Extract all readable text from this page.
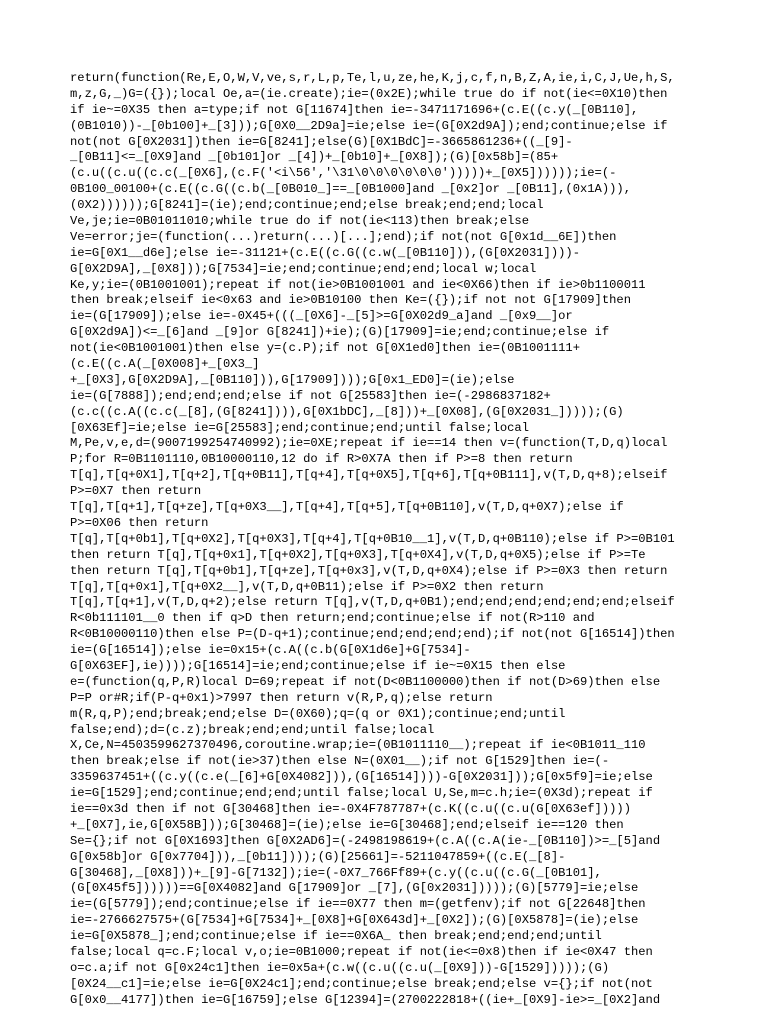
return(function(Re,E,O,W,V,ve,s,r,L,p,Te,l,u,ze,he,K,j,c,f,n,B,Z,A,ie,i,C,J,Ue,h,S,
m,z,G,_)G=({});local Oe,a=(ie.create);ie=(0x2E);while true do if not(ie<=0X10)then
if ie~=0X35 then a=type;if not G[11674]then ie=-3471171696+(c.E((c.y(_[0B110],
(0B1010))-_[0b100]+_[3]));G[0X0__2D9a]=ie;else ie=(G[0X2d9A]);end;continue;else if
not(not G[0X2031])then ie=G[8241];else(G)[0X1BdC]=-3665861236+((_[9]-
_[0B11]<=_[0X9]and _[0b101]or _[4])+_[0b10]+_[0X8]);(G)[0x58b]=(85+
(c.u((c.u((c.c(_[0X6],(c.F('<i\56','\31\0\0\0\0\0\0')))))+_[0X5])))));ie=(-
0B100_00100+(c.E((c.G((c.b(_[0B010_]==_[0B1000]and _[0x2]or _[0B11],(0x1A))),
(0X2))))));G[8241]=(ie);end;continue;end;else break;end;end;local
Ve,je;ie=0B01011010;while true do if not(ie<113)then break;else
Ve=error;je=(function(...)return(...)[...];end);if not(not G[0x1d__6E])then
ie=G[0X1__d6e];else ie=-31121+(c.E((c.G((c.w(_[0B110])),(G[0X2031])))-
G[0X2D9A],_[0X8]));G[7534]=ie;end;continue;end;end;local w;local
Ke,y;ie=(0B1001001);repeat if not(ie>0B1001001 and ie<0X66)then if ie>0b1100011
then break;elseif ie<0x63 and ie>0B10100 then Ke=({});if not not G[17909]then
ie=(G[17909]);else ie=-0X45+(((_[0X6]-_[5]>=G[0X02d9_a]and _[0x9__]or
G[0X2d9A])<=_[6]and _[9]or G[8241])+ie);(G)[17909]=ie;end;continue;else if
not(ie<0B1001001)then else y=(c.P);if not G[0X1ed0]then ie=(0B1001111+
(c.E((c.A(_[0X008]+_[0X3_]
+_[0X3],G[0X2D9A],_[0B110])),G[17909])));G[0x1_ED0]=(ie);else
ie=(G[7888]);end;end;end;else if not G[25583]then ie=(-2986837182+
(c.c((c.A((c.c(_[8],(G[8241]))),G[0X1bDC],_[8]))+_[0X08],(G[0X2031_]))));(G)
[0X63Ef]=ie;else ie=G[25583];end;continue;end;until false;local
M,Pe,v,e,d=(9007199254740992);ie=0XE;repeat if ie==14 then v=(function(T,D,q)local
P;for R=0B1101110,0B10000110,12 do if R>0X7A then if P>=8 then return
T[q],T[q+0X1],T[q+2],T[q+0B11],T[q+4],T[q+0X5],T[q+6],T[q+0B111],v(T,D,q+8);elseif
P>=0X7 then return
T[q],T[q+1],T[q+ze],T[q+0X3__],T[q+4],T[q+5],T[q+0B110],v(T,D,q+0X7);else if
P>=0X06 then return
T[q],T[q+0b1],T[q+0X2],T[q+0X3],T[q+4],T[q+0B10__1],v(T,D,q+0B110);else if P>=0B101
then return T[q],T[q+0x1],T[q+0X2],T[q+0X3],T[q+0X4],v(T,D,q+0X5);else if P>=Te
then return T[q],T[q+0b1],T[q+ze],T[q+0x3],v(T,D,q+0X4);else if P>=0X3 then return
T[q],T[q+0x1],T[q+0X2__],v(T,D,q+0B11);else if P>=0X2 then return
T[q],T[q+1],v(T,D,q+2);else return T[q],v(T,D,q+0B1);end;end;end;end;end;end;elseif
R<0b111101__0 then if q>D then return;end;continue;else if not(R>110 and
R<0B10000110)then else P=(D-q+1);continue;end;end;end;end);if not(not G[16514])then
ie=(G[16514]);else ie=0x15+(c.A((c.b(G[0X1d6e]+G[7534]-
G[0X63EF],ie))));G[16514]=ie;end;continue;else if ie~=0X15 then else
e=(function(q,P,R)local D=69;repeat if not(D<0B1100000)then if not(D>69)then else
P=P or#R;if(P-q+0x1)>7997 then return v(R,P,q);else return
m(R,q,P);end;break;end;else D=(0X60);q=(q or 0X1);continue;end;until
false;end);d=(c.z);break;end;end;until false;local
X,Ce,N=4503599627370496,coroutine.wrap;ie=(0B1011110__);repeat if ie<0B1011_110
then break;else if not(ie>37)then else N=(0X01__);if not G[1529]then ie=(-
3359637451+((c.y((c.e(_[6]+G[0X4082])),(G[16514])))-G[0X2031]));G[0x5f9]=ie;else
ie=G[1529];end;continue;end;end;until false;local U,Se,m=c.h;ie=(0X3d);repeat if
ie==0x3d then if not G[30468]then ie=-0X4F787787+(c.K((c.u((c.u(G[0X63ef]))))
+_[0X7],ie,G[0X58B]));G[30468]=(ie);else ie=G[30468];end;elseif ie==120 then
Se={};if not G[0X1693]then G[0X2AD6]=(-2498198619+(c.A((c.A(ie-_[0B110])>=_[5]and
G[0x58b]or G[0x7704])),_[0b11])));(G)[25661]=-5211047859+((c.E(_[8]-
G[30468],_[0X8]))+_[9]-G[7132]);ie=(-0X7_766Ff89+(c.y((c.u((c.G(_[0B101],
(G[0X45f5])))))==G[0X4082]and G[17909]or _[7],(G[0x2031]))));(G)[5779]=ie;else
ie=(G[5779]);end;continue;else if ie==0X77 then m=(getfenv);if not G[22648]then
ie=-2766627575+(G[7534]+G[7534]+_[0X8]+G[0X643d]+_[0X2]);(G)[0X5878]=(ie);else
ie=G[0X5878_];end;continue;else if ie==0X6A_ then break;end;end;end;until
false;local q=c.F;local v,o;ie=0B1000;repeat if not(ie<=0x8)then if ie<0X47 then
o=c.a;if not G[0x24c1]then ie=0x5a+(c.w((c.u((c.u(_[0X9]))-G[1529]))));(G)
[0X24__c1]=ie;else ie=G[0X24c1];end;continue;else break;end;else v={};if not(not
G[0x0__4177])then ie=G[16759];else G[12394]=(2700222818+((ie+_[0X9]-ie>=_[0X2]and
